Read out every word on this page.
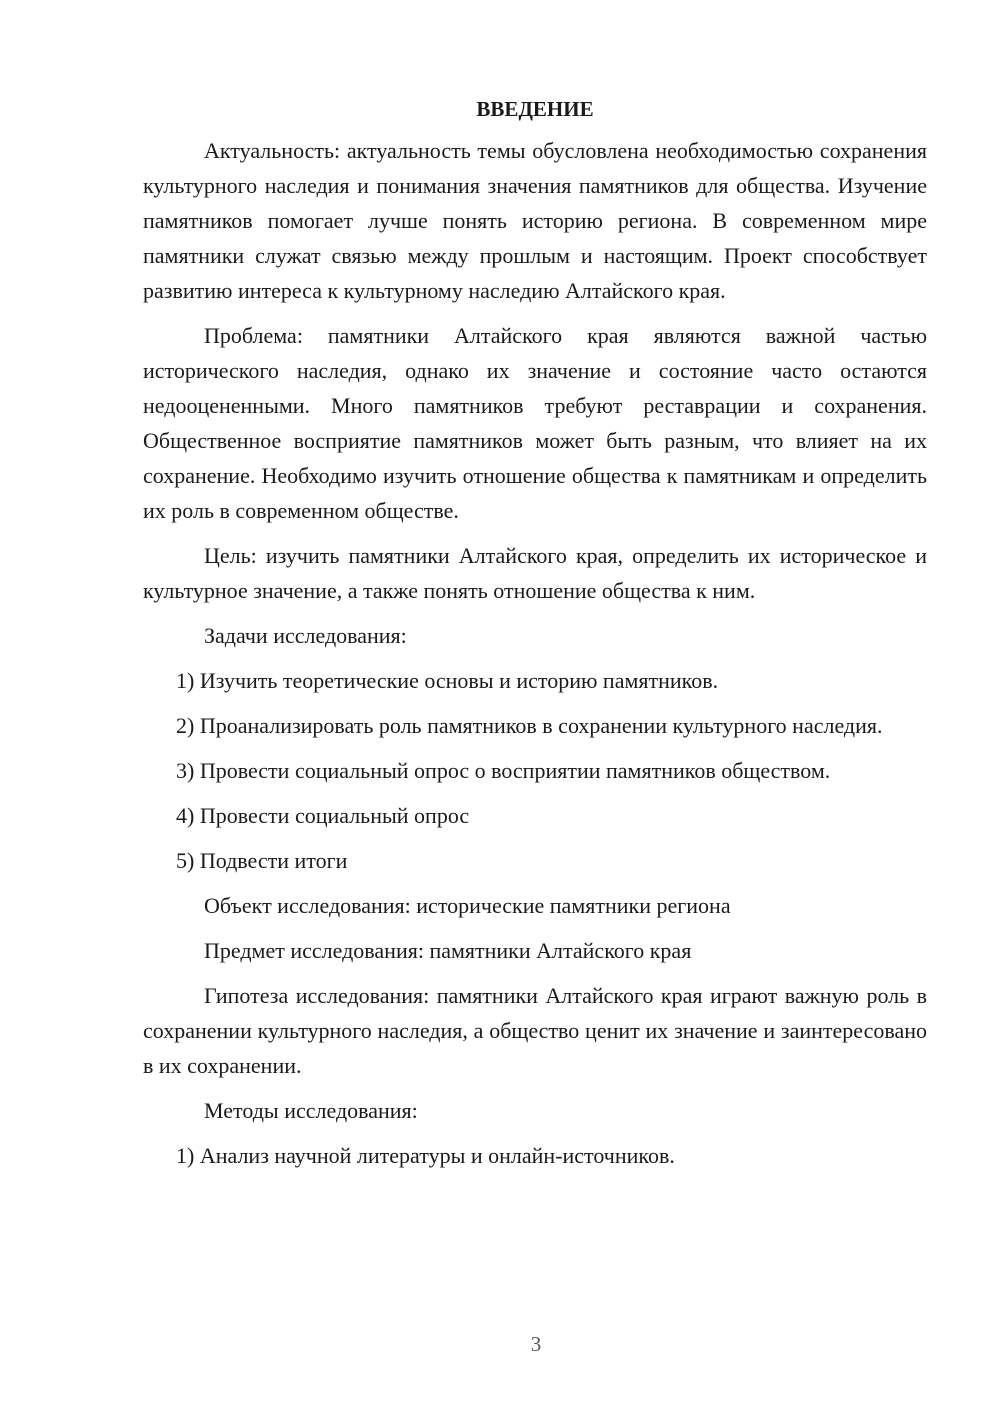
ВВЕДЕНИЕ
Актуальность: актуальность темы обусловлена необходимостью сохранения культурного наследия и понимания значения памятников для общества. Изучение памятников помогает лучше понять историю региона. В современном мире памятники служат связью между прошлым и настоящим. Проект способствует развитию интереса к культурному наследию Алтайского края.
Проблема: памятники Алтайского края являются важной частью исторического наследия, однако их значение и состояние часто остаются недооцененными. Много памятников требуют реставрации и сохранения. Общественное восприятие памятников может быть разным, что влияет на их сохранение. Необходимо изучить отношение общества к памятникам и определить их роль в современном обществе.
Цель: изучить памятники Алтайского края, определить их историческое и культурное значение, а также понять отношение общества к ним.
Задачи исследования:
1) Изучить теоретические основы и историю памятников.
2) Проанализировать роль памятников в сохранении культурного наследия.
3) Провести социальный опрос о восприятии памятников обществом.
4) Провести социальный опрос
5) Подвести итоги
Объект исследования: исторические памятники региона
Предмет исследования: памятники Алтайского края
Гипотеза исследования: памятники Алтайского края играют важную роль в сохранении культурного наследия, а общество ценит их значение и заинтересовано в их сохранении.
Методы исследования:
1) Анализ научной литературы и онлайн-источников.
3
